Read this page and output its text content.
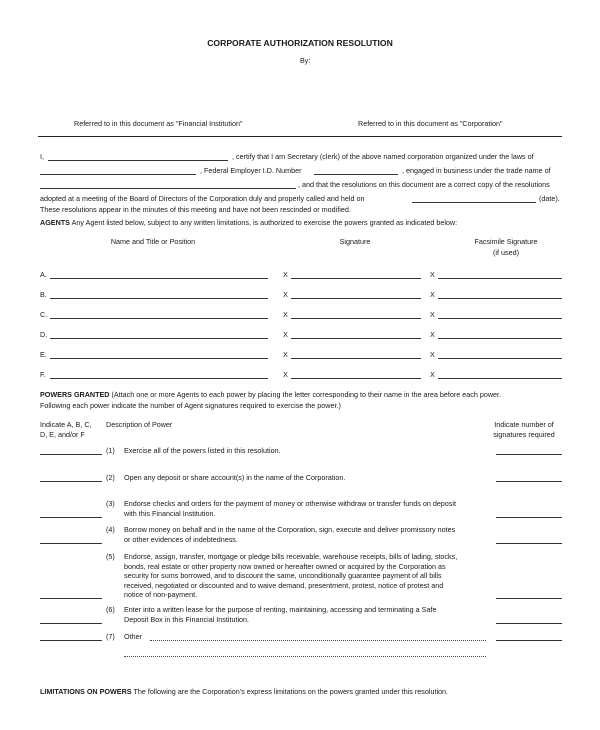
CORPORATE AUTHORIZATION RESOLUTION
By:
Referred to in this document as "Financial Institution"	Referred to in this document as "Corporation"
I,	, certify that I am Secretary (clerk) of the above named corporation organized under the laws of
, Federal Employer I.D. Number	, engaged in business under the trade name of
, and that the resolutions on this document are a correct copy of the resolutions
adopted at a meeting of the Board of Directors of the Corporation duly and properly called and held on	(date).
These resolutions appear in the minutes of this meeting and have not been rescinded or modified.
AGENTS Any Agent listed below, subject to any written limitations, is authorized to exercise the powers granted as indicated below:
Name and Title or Position	Signature	Facsimile Signature
(if used)
A.	X	X
B.	X	X
C.	X	X
D.	X	X
E.	X	X
F.	X	X
POWERS GRANTED (Attach one or more Agents to each power by placing the letter corresponding to their name in the area before each power.
Following each power indicate the number of Agent signatures required to exercise the power.)
Indicate A, B, C,
D, E, and/or F
Description of Power	Indicate number of
signatures required
(1) Exercise all of the powers listed in this resolution.
(2) Open any deposit or share account(s) in the name of the Corporation.
(3) Endorse checks and orders for the payment of money or otherwise withdraw or transfer funds on deposit
with this Financial Institution.
(4) Borrow money on behalf and in the name of the Corporation, sign, execute and deliver promissory notes
or other evidences of indebtedness.
(5) Endorse, assign, transfer, mortgage or pledge bills receivable, warehouse receipts, bills of lading, stocks,
bonds, real estate or other property now owned or hereafter owned or acquired by the Corporation as
security for sums borrowed, and to discount the same, unconditionally guarantee payment of all bills
received, negotiated or discounted and to waive demand, presentment, protest, notice of protest and
notice of non-payment.
(6) Enter into a written lease for the purpose of renting, maintaining, accessing and terminating a Safe
Deposit Box in this Financial Institution.
(7) Other
LIMITATIONS ON POWERS The following are the Corporation's express limitations on the powers granted under this resolution.
